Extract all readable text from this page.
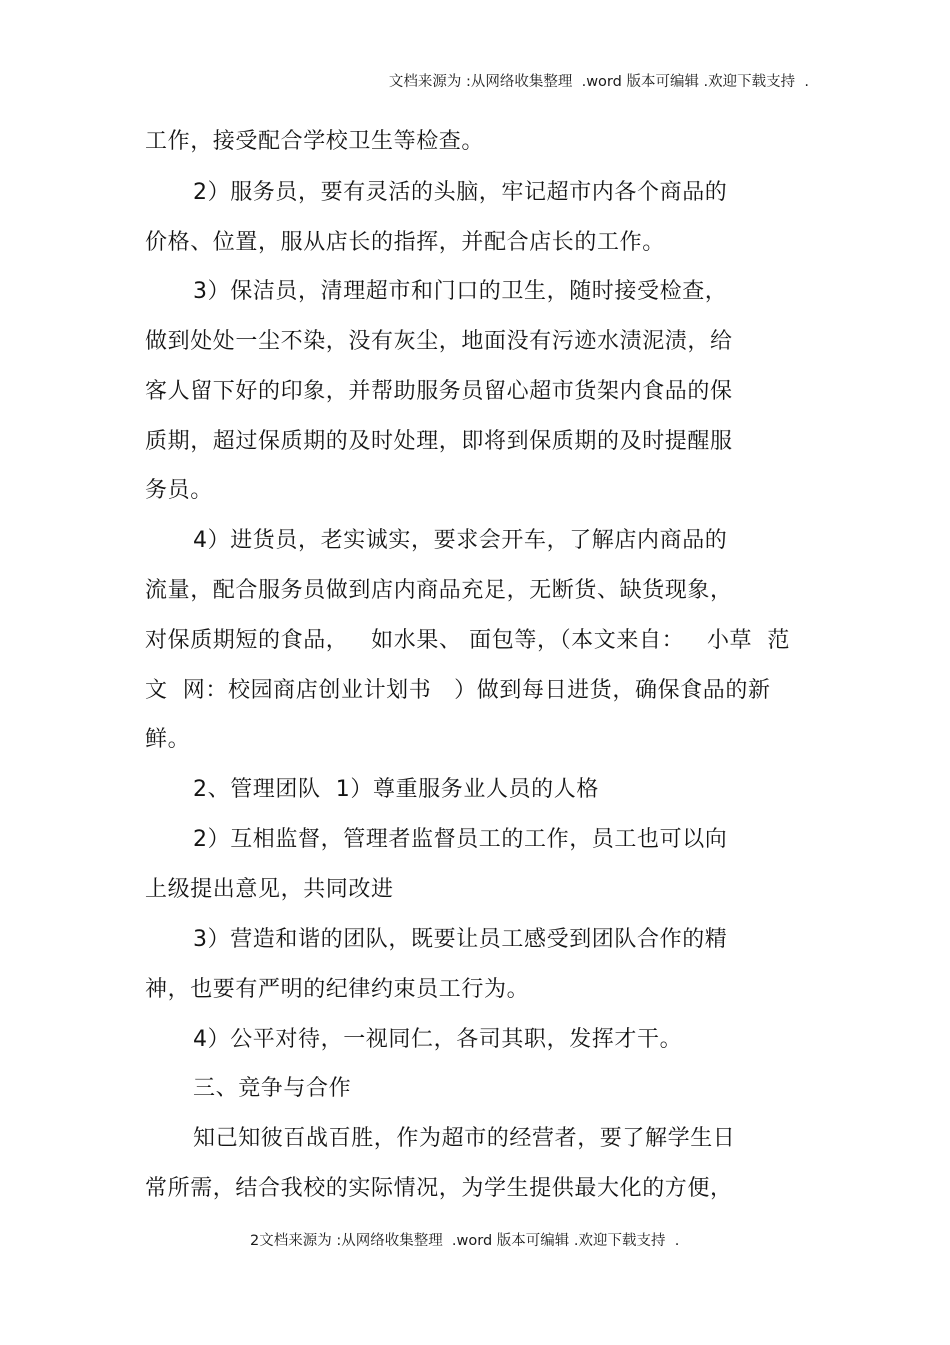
文档来源为 :从网络收集整理  .word 版本可编辑 .欢迎下载支持  .
工作，接受配合学校卫生等检查。
2）服务员，要有灵活的头脑，牢记超市内各个商品的
价格、位置，服从店长的指挥，并配合店长的工作。
3）保洁员，清理超市和门口的卫生，随时接受检查，
做到处处一尘不染，没有灰尘，地面没有污迹水渍泥渍，给
客人留下好的印象，并帮助服务员留心超市货架内食品的保
质期，超过保质期的及时处理，即将到保质期的及时提醒服
务员。
4）进货员，老实诚实，要求会开车，了解店内商品的
流量，配合服务员做到店内商品充足，无断货、缺货现象，
对保质期短的食品，   如水果、 面包等，（本文来自：   小草  范
文  网：校园商店创业计划书   ）做到每日进货，确保食品的新
鲜。
2、管理团队  1）尊重服务业人员的人格
2）互相监督，管理者监督员工的工作，员工也可以向
上级提出意见，共同改进
3）营造和谐的团队，既要让员工感受到团队合作的精
神，也要有严明的纪律约束员工行为。
4）公平对待，一视同仁，各司其职，发挥才干。
三、竞争与合作
知己知彼百战百胜，作为超市的经营者，要了解学生日
常所需，结合我校的实际情况，为学生提供最大化的方便，
2文档来源为 :从网络收集整理  .word 版本可编辑 .欢迎下载支持  .
